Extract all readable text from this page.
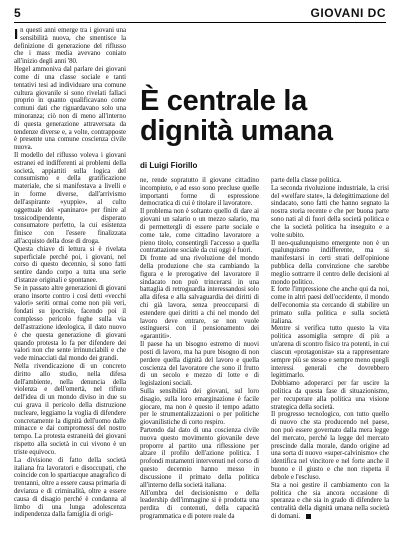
5	GIOVANI DC

In questi anni emerge tra i giovani una sensibilità nuova, che smentisce la definizione di generazione del riflusso che i mass media avevano coniato all'inizio degli anni '80.

Hegel ammoniva dal parlare dei giovani come di una classe sociale e tanti tentativi tesi ad individuare una comune cultura giovanile si sono rivelati fallaci proprio in quanto qualificavano come comuni dati che riguardavano solo una minoranza; ciò non di meno all'interno di questa generazione attraversata da tendenze diverse e, a volte, contrapposte è presente una comune coscienza civile nuova.

Il modello del riflusso voleva i giovani estranei ed indifferenti ai problemi della società, appiattiti sulla logica del consumismo e della gratificazione materiale, che si manifestava a livelli e in forme diverse, dall'arrivismo dell'aspirante «yuppie», al culto oggettuale dei «paninaro» per finire al tossicodipendente, disperato consumatore perfetto, la cui esistenza finisce con l'essere finalizzata all'acquisto della dose di droga.

Questa chiave di lettura si è rivelata superficiale perché poi, i giovani, nel corso di questo decennio, si sono fatti sentire dando corpo a tutta una serie d'istanze originali e spontanee.

Se in passato altre generazioni di giovani erano insorte contro i così detti «vecchi valori» seriti ormai come non più veri, fondati su ipocrisie, facendo poi il complesso pericolo fughe sulla via dell'astrazione ideologica, il dato nuovo è che questa generazione di giovani quando protesta lo fa per difendere dei valori non che sente irrinunciabili e che vede minacciati dal mondo dei grandi.

Nella rivendicazione di un concreto diritto allo studio, nella difesa dell'ambiente, nella denuncia della violenza e dell'omertà, nel rifiuto dell'idea di un mondo diviso in due su cui grava il pericolo della distruzione nucleare, leggiamo la voglia di difendere concretamente la dignità dell'uomo dalle minacce e dai compromessi del nostro tempo. La protesta estraneità dei giovani rispetto alla società in cui vivono è un triste equivoco.

La divisione di fatto della società italiana fra lavoratori e disoccupati, che coincide con lo spartiacque anagrafico di trentanni, oltre a essere causa primaria di devianza e di criminalità, oltre a essere causa di disagio perché è condanna al limbo di una lunga adolescenza indipendenza dalla famiglia di origi-

È centrale la dignità umana
di Luigi Fiorillo

ne, rende sopratutto il giovane cittadino incompiuto, e ad esso sono precluse quelle importanti forme di espressione democratica di cui è titolare il lavoratore.

Il problema non è soltanto quello di dare ai giovani un salario o un mezzo salario, ma di permettergli di essere parte sociale e come tale, come cittadino lavoratore a pieno titolo, consentirgli l'accesso a quella contrattazione sociale da cui oggi è fuori.

Di fronte ad una rivoluzione del mondo della produzione che sta cambiando la figura e le prerogative del lavoratore il sindacato non può trincerarsi in una battaglia di retroguardia interessandosi solo alla difesa e alla salvaguardia dei diritti di chi già lavora, senza preoccuparsi di estendere quei diritti a chi nel mondo del lavoro deve entrare, se non vuole estinguersi con il pensionamento dei «garantiti».

Il paese ha un bisogno estremo di nuovi posti di lavoro, ma ha pure bisogno di non perdere quella dignità del lavoro e quella coscienza del lavoratore che sono il frutto di un secolo e mezzo di lotte e di legislazioni sociali.

Sulla sensibilità dei giovani, sul loro disagio, sulla loro emarginazione è facile giocare, ma non è questo il tempo adatto per le strumentalizzazioni o per politiche giovanilistiche di corto respiro.

Partendo dal dato di una coscienza civile nuova questo movimento giovanile deve proporre al partito una riflessione per alzare il profilo dell'azione politica. I profondi mutamenti intervenuti nel corso di questo decennio hanno messo in discussione il primato della politica all'interno della società italiana.

All'ombra del decisionismo e della leadership dell'immagine si è prodotta una perdita di contenuti, della capacità programmatica e di potere reale da

parte della classe politica.

La seconda rivoluzione industriale, la crisi del «welfare state», la delegittimazione del sindacato, sono fatti che hanno segnato la nostra storia recente e che per buona parte sono nati al di fuori della società politica e che la società politica ha inseguito e a volte subito.

Il neo-qualunquismo emergente non è un qualunquismo indifferente, ma si manifestarsi in certi strati dell'opinione pubblica della convinzione che sarebbe meglio sottrarre il centro delle decisioni al mondo politico.

E forte l'impressione che anche qui da noi, come in altri paesi dell'occidente, il mondo dell'economia sta cercando di stabilire un primato sulla politica e sulla società italiana.

Mentre si verifica tutto questo la vita politica assomiglia sempre di più a un'arena di scontro fisico tra potenti, in cui ciascun «protagonista» sta a rappresentare sempre più se stesso e sempre meno quegli interessi generali che dovrebbero legittimarlo.

Dobbiamo adoperarci per far uscire la politica da questa fase di situazionismo, per recuperare alla politica una visione strategica della società.

Il progresso tecnologico, con tutto quello di nuovo che sta producendo nel paese, non può essere governato dalla mera legge del mercato, perché la legge del mercato prescinde dalla morale, dando origine ad una sorta di nuovo «super-calvinismo» che identifica nel vincitore e nel forte anche il buono e il giusto e che non rispetta il debole e l'escluso.

Sta a noi gestire il cambiamento con la politica che sia ancora occasione di speranza e che sia in grado di difendere la centralità della dignità umana nella società di domani.
